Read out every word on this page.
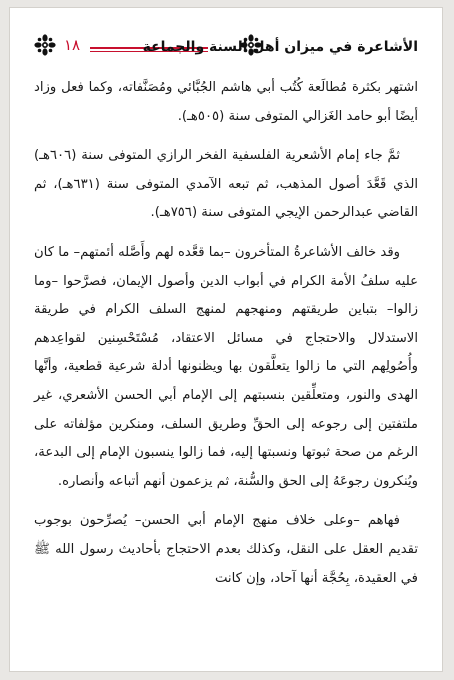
١٨	الأشاعرة في ميزان أهل السنة والجماعة

اشتهر بكثرة مُطالَعة كُتُب أبي هاشم الجُبَّائي ومُصَنَّفاته، وكما فعل وزاد أيضًا أبو حامد الغَزالي المتوفى سنة (٥٠٥هـ).

ثمَّ جاء إمام الأشعرية الفلسفية الفخر الرازي المتوفى سنة (٦٠٦هـ) الذي قَعَّدَ أصول المذهب، ثم تبعه الآمدي المتوفى سنة (٦٣١هـ)، ثم القاضي عبدالرحمن الإيجي المتوفى سنة (٧٥٦هـ).

وقد خالف الأشاعرةُ المتأخرون –بما قعَّده لهم وأَصَّله أئمتهم– ما كان عليه سلفُ الأمة الكرام في أبواب الدين وأصول الإيمان، فصرَّحوا –وما زالوا– بتباين طريقتهم ومنهجهم لمنهج السلف الكرام في طريقة الاستدلال والاحتجاج في مسائل الاعتقاد، مُسْتَحْسِنين لقواعِدهم وأُصُولِهم التي ما زالوا يتعلَّقون بها ويظنونها أدلة شرعية قطعية، وأنَّها الهدى والنور، ومتعلِّقين بنسبتهم إلى الإمام أبي الحسن الأشعري، غير ملتفتين إلى رجوعه إلى الحقِّ وطريق السلف، ومنكرين مؤلفاته على الرغم من صحة ثبوتها ونسبتها إليه، فما زالوا ينسبون الإمام إلى البدعة، ويُنكرون رجوعَهُ إلى الحق والسُّنة، ثم يزعمون أنهم أتباعه وأنصاره.

فهاهم –وعلى خلاف منهج الإمام أبي الحسن– يُصرِّحون بوجوب تقديم العقل على النقل، وكذلك بعدم الاحتجاج بأحاديث رسول الله ﷺ في العقيدة، بِحُجَّة أنها آحاد، وإن كانت
